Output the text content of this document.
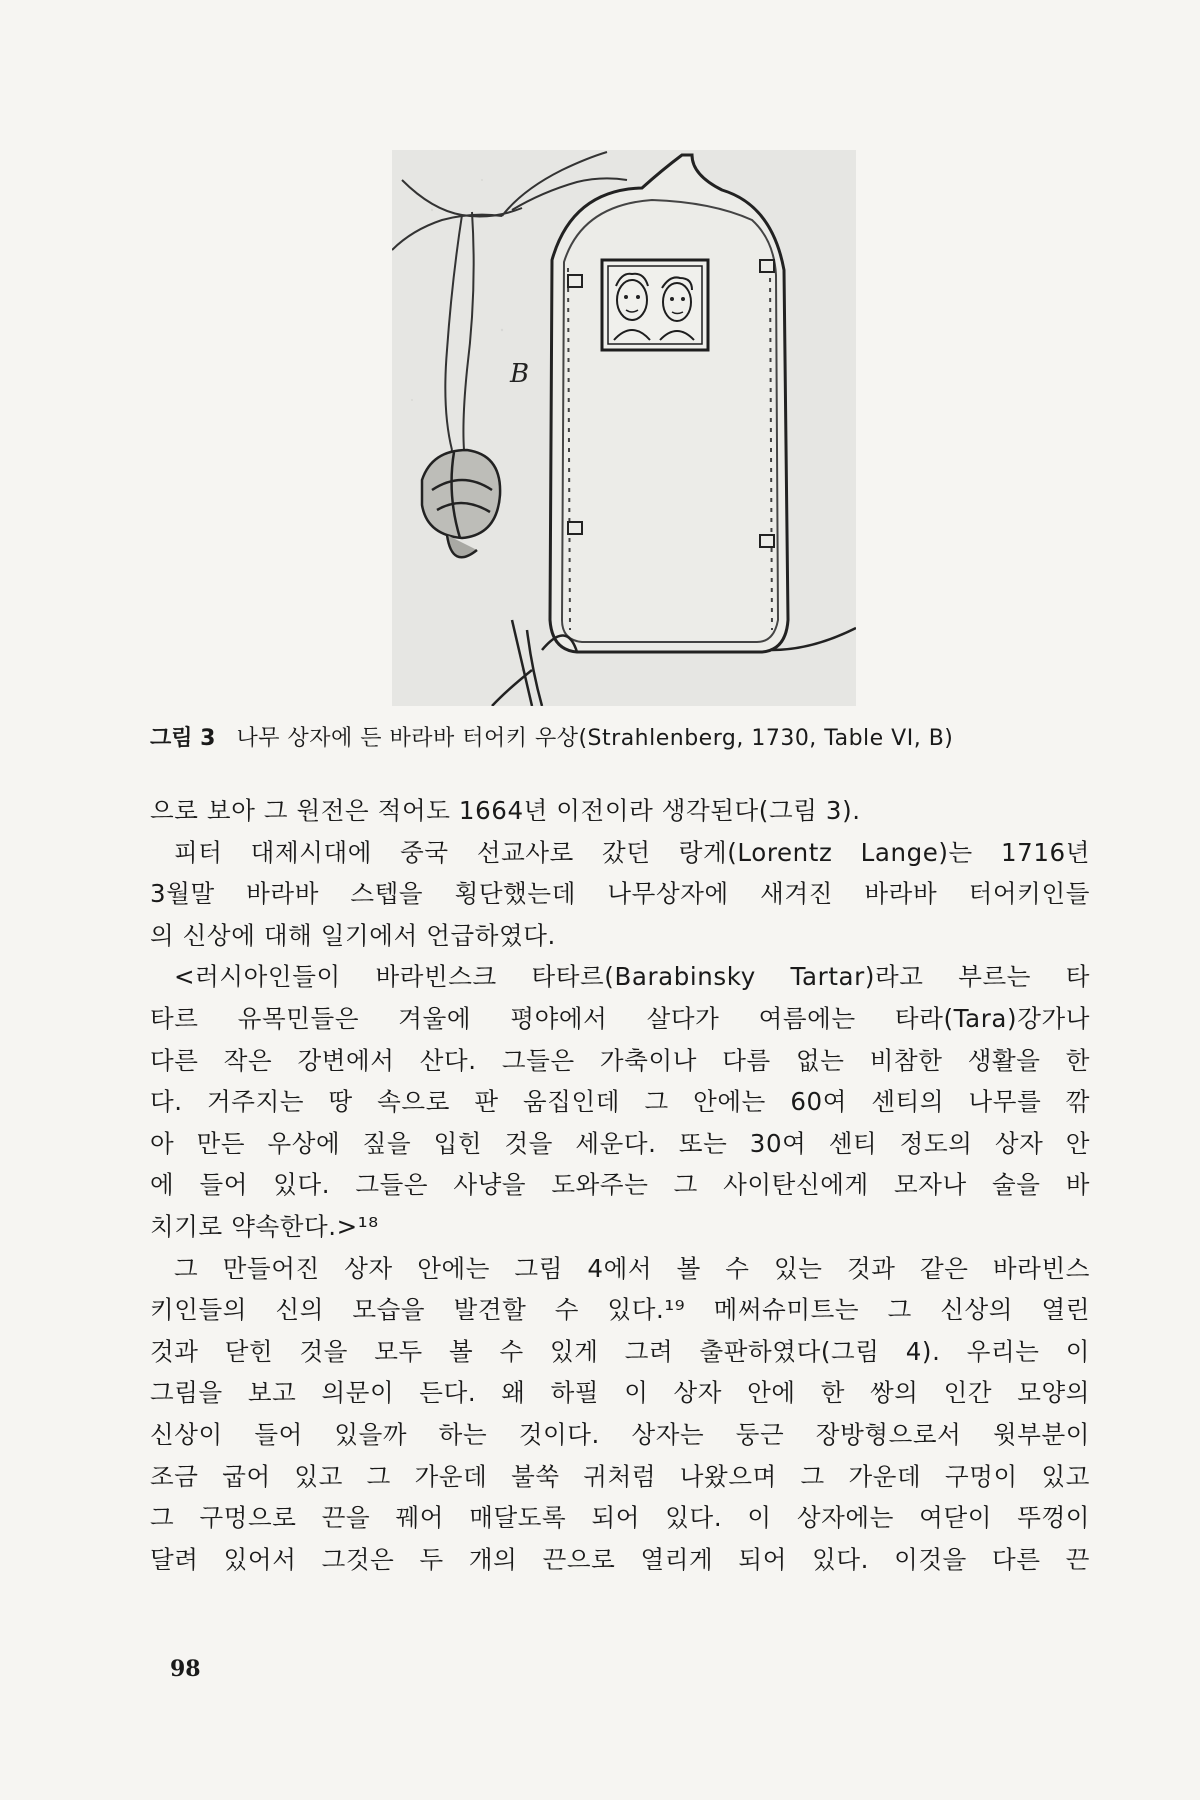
B
그림 3 나무 상자에 든 바라바 터어키 우상(Strahlenberg, 1730, Table VI, B)
으로 보아 그 원전은 적어도 1664년 이전이라 생각된다(그림 3).
피터 대제시대에 중국 선교사로 갔던 랑게(Lorentz Lange)는 1716년
3월말 바라바 스텝을 횡단했는데 나무상자에 새겨진 바라바 터어키인들
의 신상에 대해 일기에서 언급하였다.
<러시아인들이 바라빈스크 타타르(Barabinsky Tartar)라고 부르는 타
타르 유목민들은 겨울에 평야에서 살다가 여름에는 타라(Tara)강가나
다른 작은 강변에서 산다. 그들은 가축이나 다름 없는 비참한 생활을 한
다. 거주지는 땅 속으로 판 움집인데 그 안에는 60여 센티의 나무를 깎
아 만든 우상에 짚을 입힌 것을 세운다. 또는 30여 센티 정도의 상자 안
에 들어 있다. 그들은 사냥을 도와주는 그 사이탄신에게 모자나 술을 바
치기로 약속한다.>¹⁸
그 만들어진 상자 안에는 그림 4에서 볼 수 있는 것과 같은 바라빈스
키인들의 신의 모습을 발견할 수 있다.¹⁹ 메써슈미트는 그 신상의 열린
것과 닫힌 것을 모두 볼 수 있게 그려 출판하였다(그림 4). 우리는 이
그림을 보고 의문이 든다. 왜 하필 이 상자 안에 한 쌍의 인간 모양의
신상이 들어 있을까 하는 것이다. 상자는 둥근 장방형으로서 윗부분이
조금 굽어 있고 그 가운데 불쑥 귀처럼 나왔으며 그 가운데 구멍이 있고
그 구멍으로 끈을 꿰어 매달도록 되어 있다. 이 상자에는 여닫이 뚜껑이
달려 있어서 그것은 두 개의 끈으로 열리게 되어 있다. 이것을 다른 끈
98
